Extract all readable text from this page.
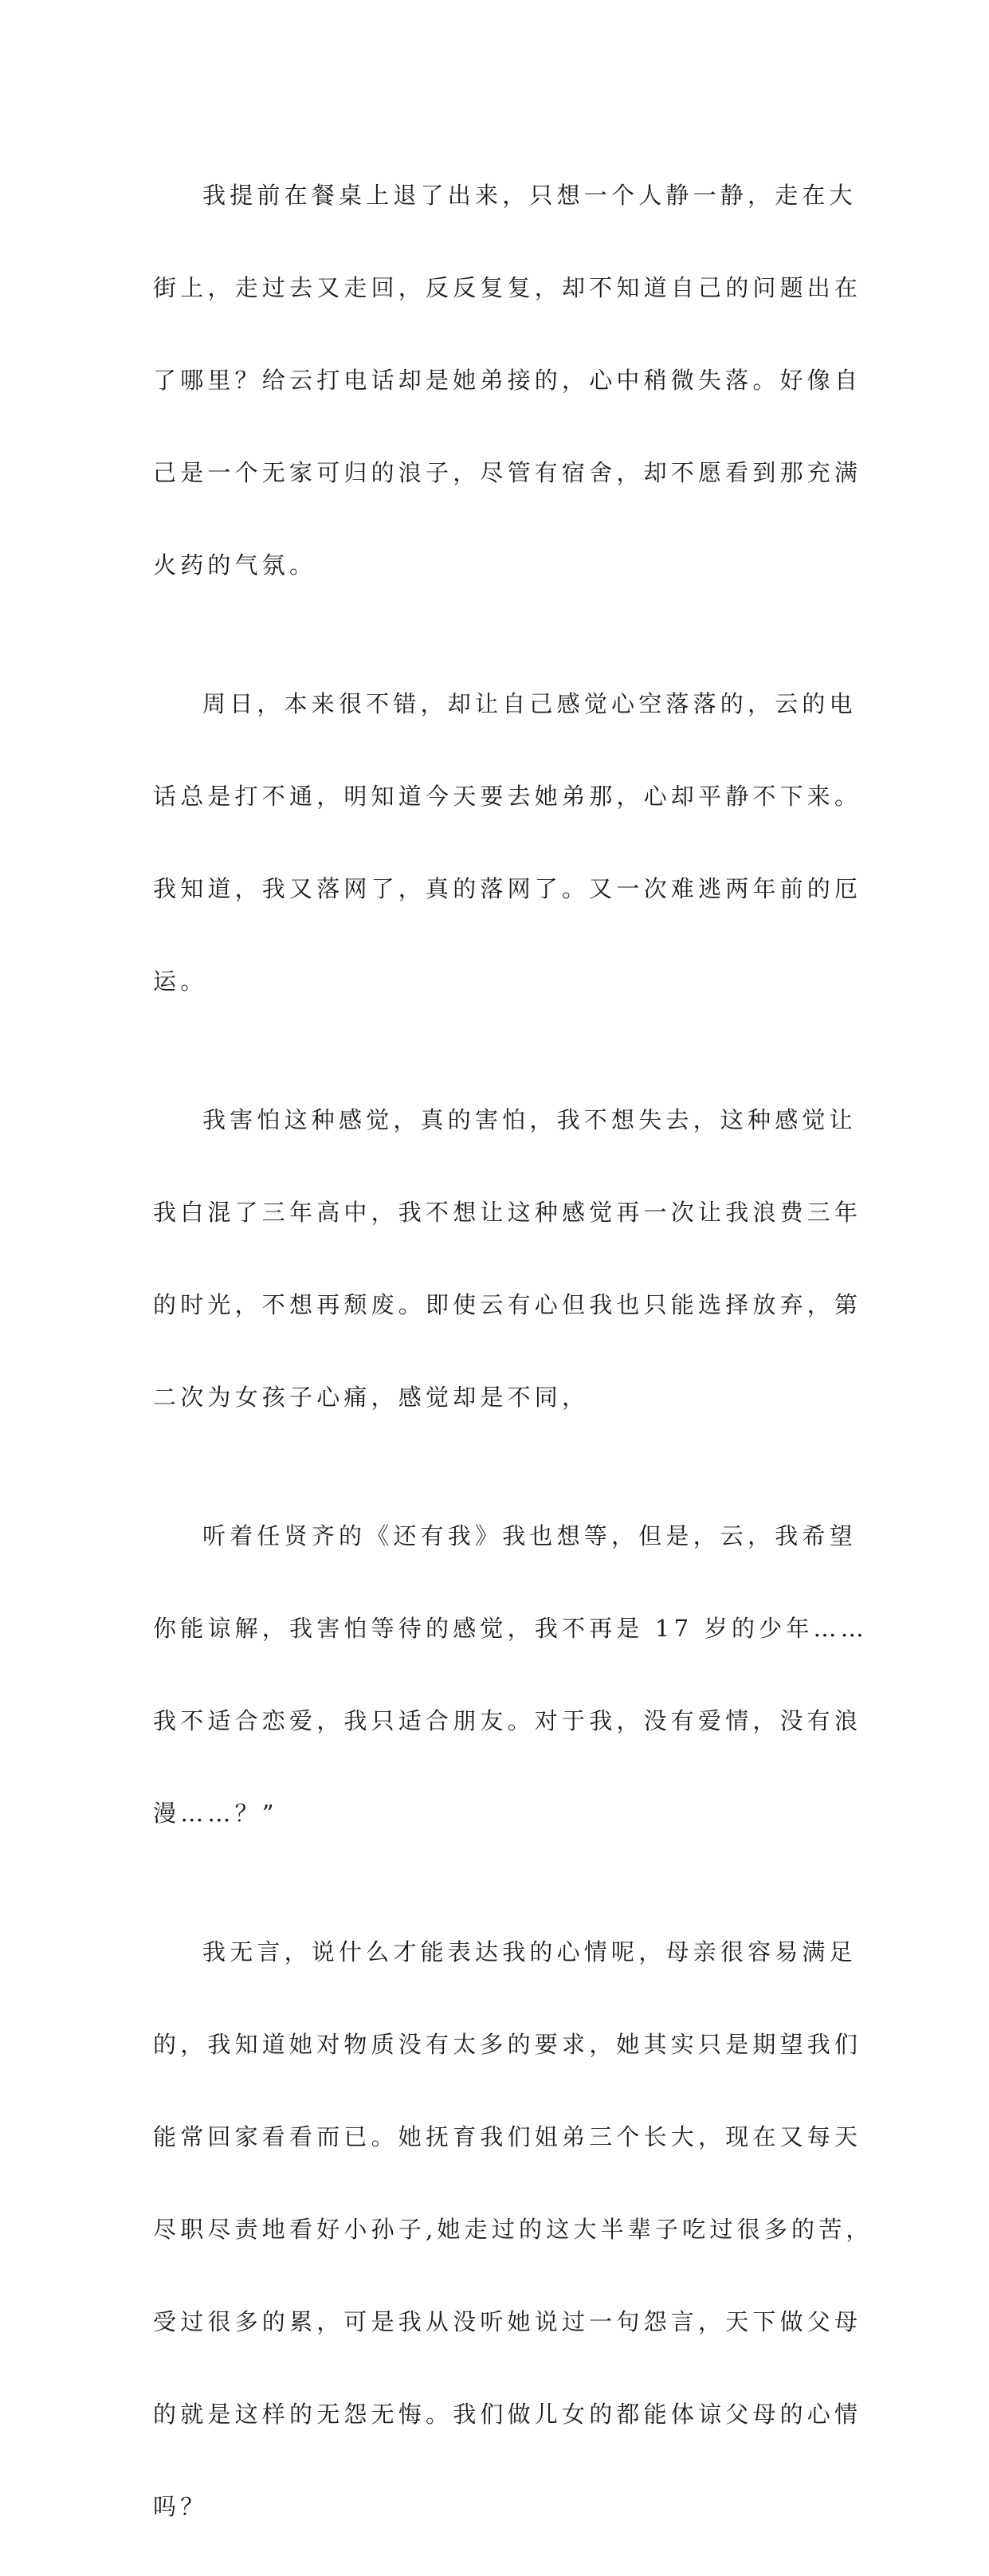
我提前在餐桌上退了出来，只想一个人静一静，走在大

街上，走过去又走回，反反复复，却不知道自己的问题出在

了哪里？给云打电话却是她弟接的，心中稍微失落。好像自

己是一个无家可归的浪子，尽管有宿舍，却不愿看到那充满

火药的气氛。

周日，本来很不错，却让自己感觉心空落落的，云的电

话总是打不通，明知道今天要去她弟那，心却平静不下来。

我知道，我又落网了，真的落网了。又一次难逃两年前的厄

运。

我害怕这种感觉，真的害怕，我不想失去，这种感觉让

我白混了三年高中，我不想让这种感觉再一次让我浪费三年

的时光，不想再颓废。即使云有心但我也只能选择放弃，第

二次为女孩子心痛，感觉却是不同，

听着任贤齐的《还有我》我也想等，但是，云，我希望

你能谅解，我害怕等待的感觉，我不再是 17 岁的少年……

我不适合恋爱，我只适合朋友。对于我，没有爱情，没有浪

漫……？”

我无言，说什么才能表达我的心情呢，母亲很容易满足

的，我知道她对物质没有太多的要求，她其实只是期望我们

能常回家看看而已。她抚育我们姐弟三个长大，现在又每天

尽职尽责地看好小孙子,她走过的这大半辈子吃过很多的苦，

受过很多的累，可是我从没听她说过一句怨言，天下做父母

的就是这样的无怨无悔。我们做儿女的都能体谅父母的心情

吗？
